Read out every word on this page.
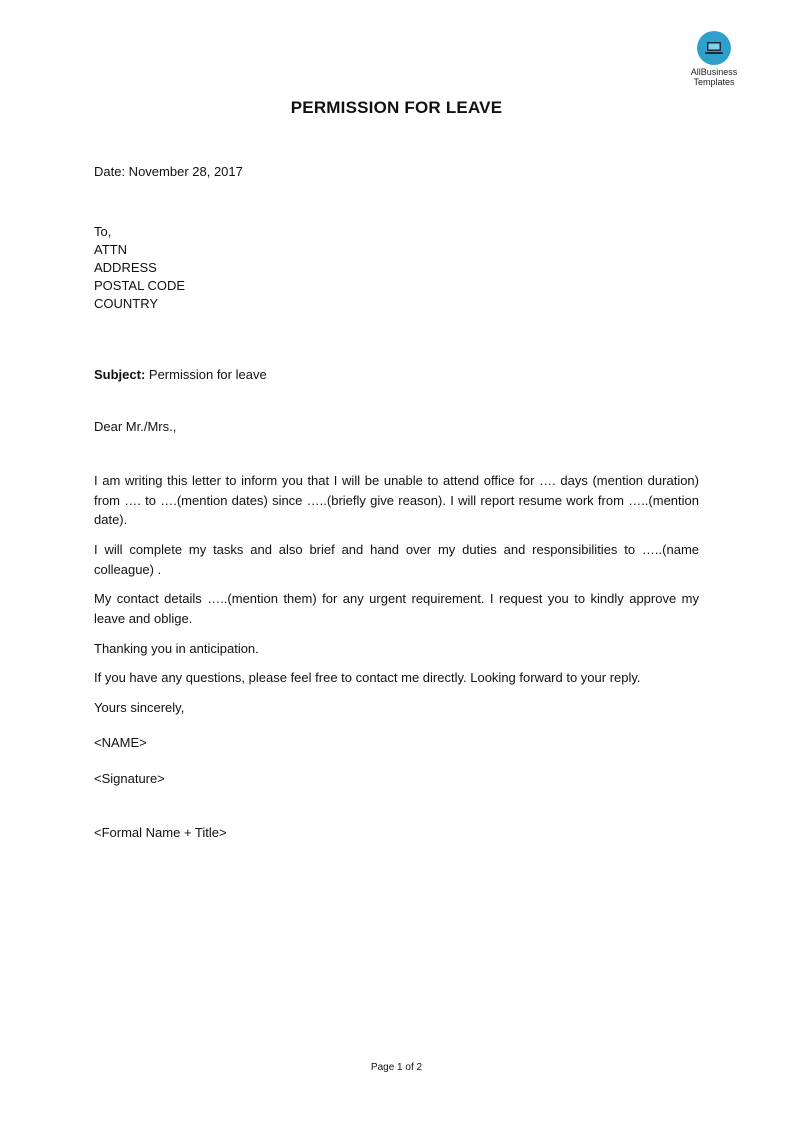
AllBusiness
Templates
PERMISSION FOR LEAVE
Date: November 28, 2017
To,
ATTN
ADDRESS
POSTAL CODE
COUNTRY
Subject: Permission for leave
Dear Mr./Mrs.,
I am writing this letter to inform you that I will be unable to attend office for …. days (mention duration) from …. to ….(mention dates) since …..(briefly give reason). I will report resume work from …..(mention date).
I will complete my tasks and also brief and hand over my duties and responsibilities to …..(name colleague) .
My contact details …..(mention them) for any urgent requirement. I request you to kindly approve my leave and oblige.
Thanking you in anticipation.
If you have any questions, please feel free to contact me directly. Looking forward to your reply.
Yours sincerely,
<NAME>
<Signature>
<Formal Name + Title>
Page 1 of 2
